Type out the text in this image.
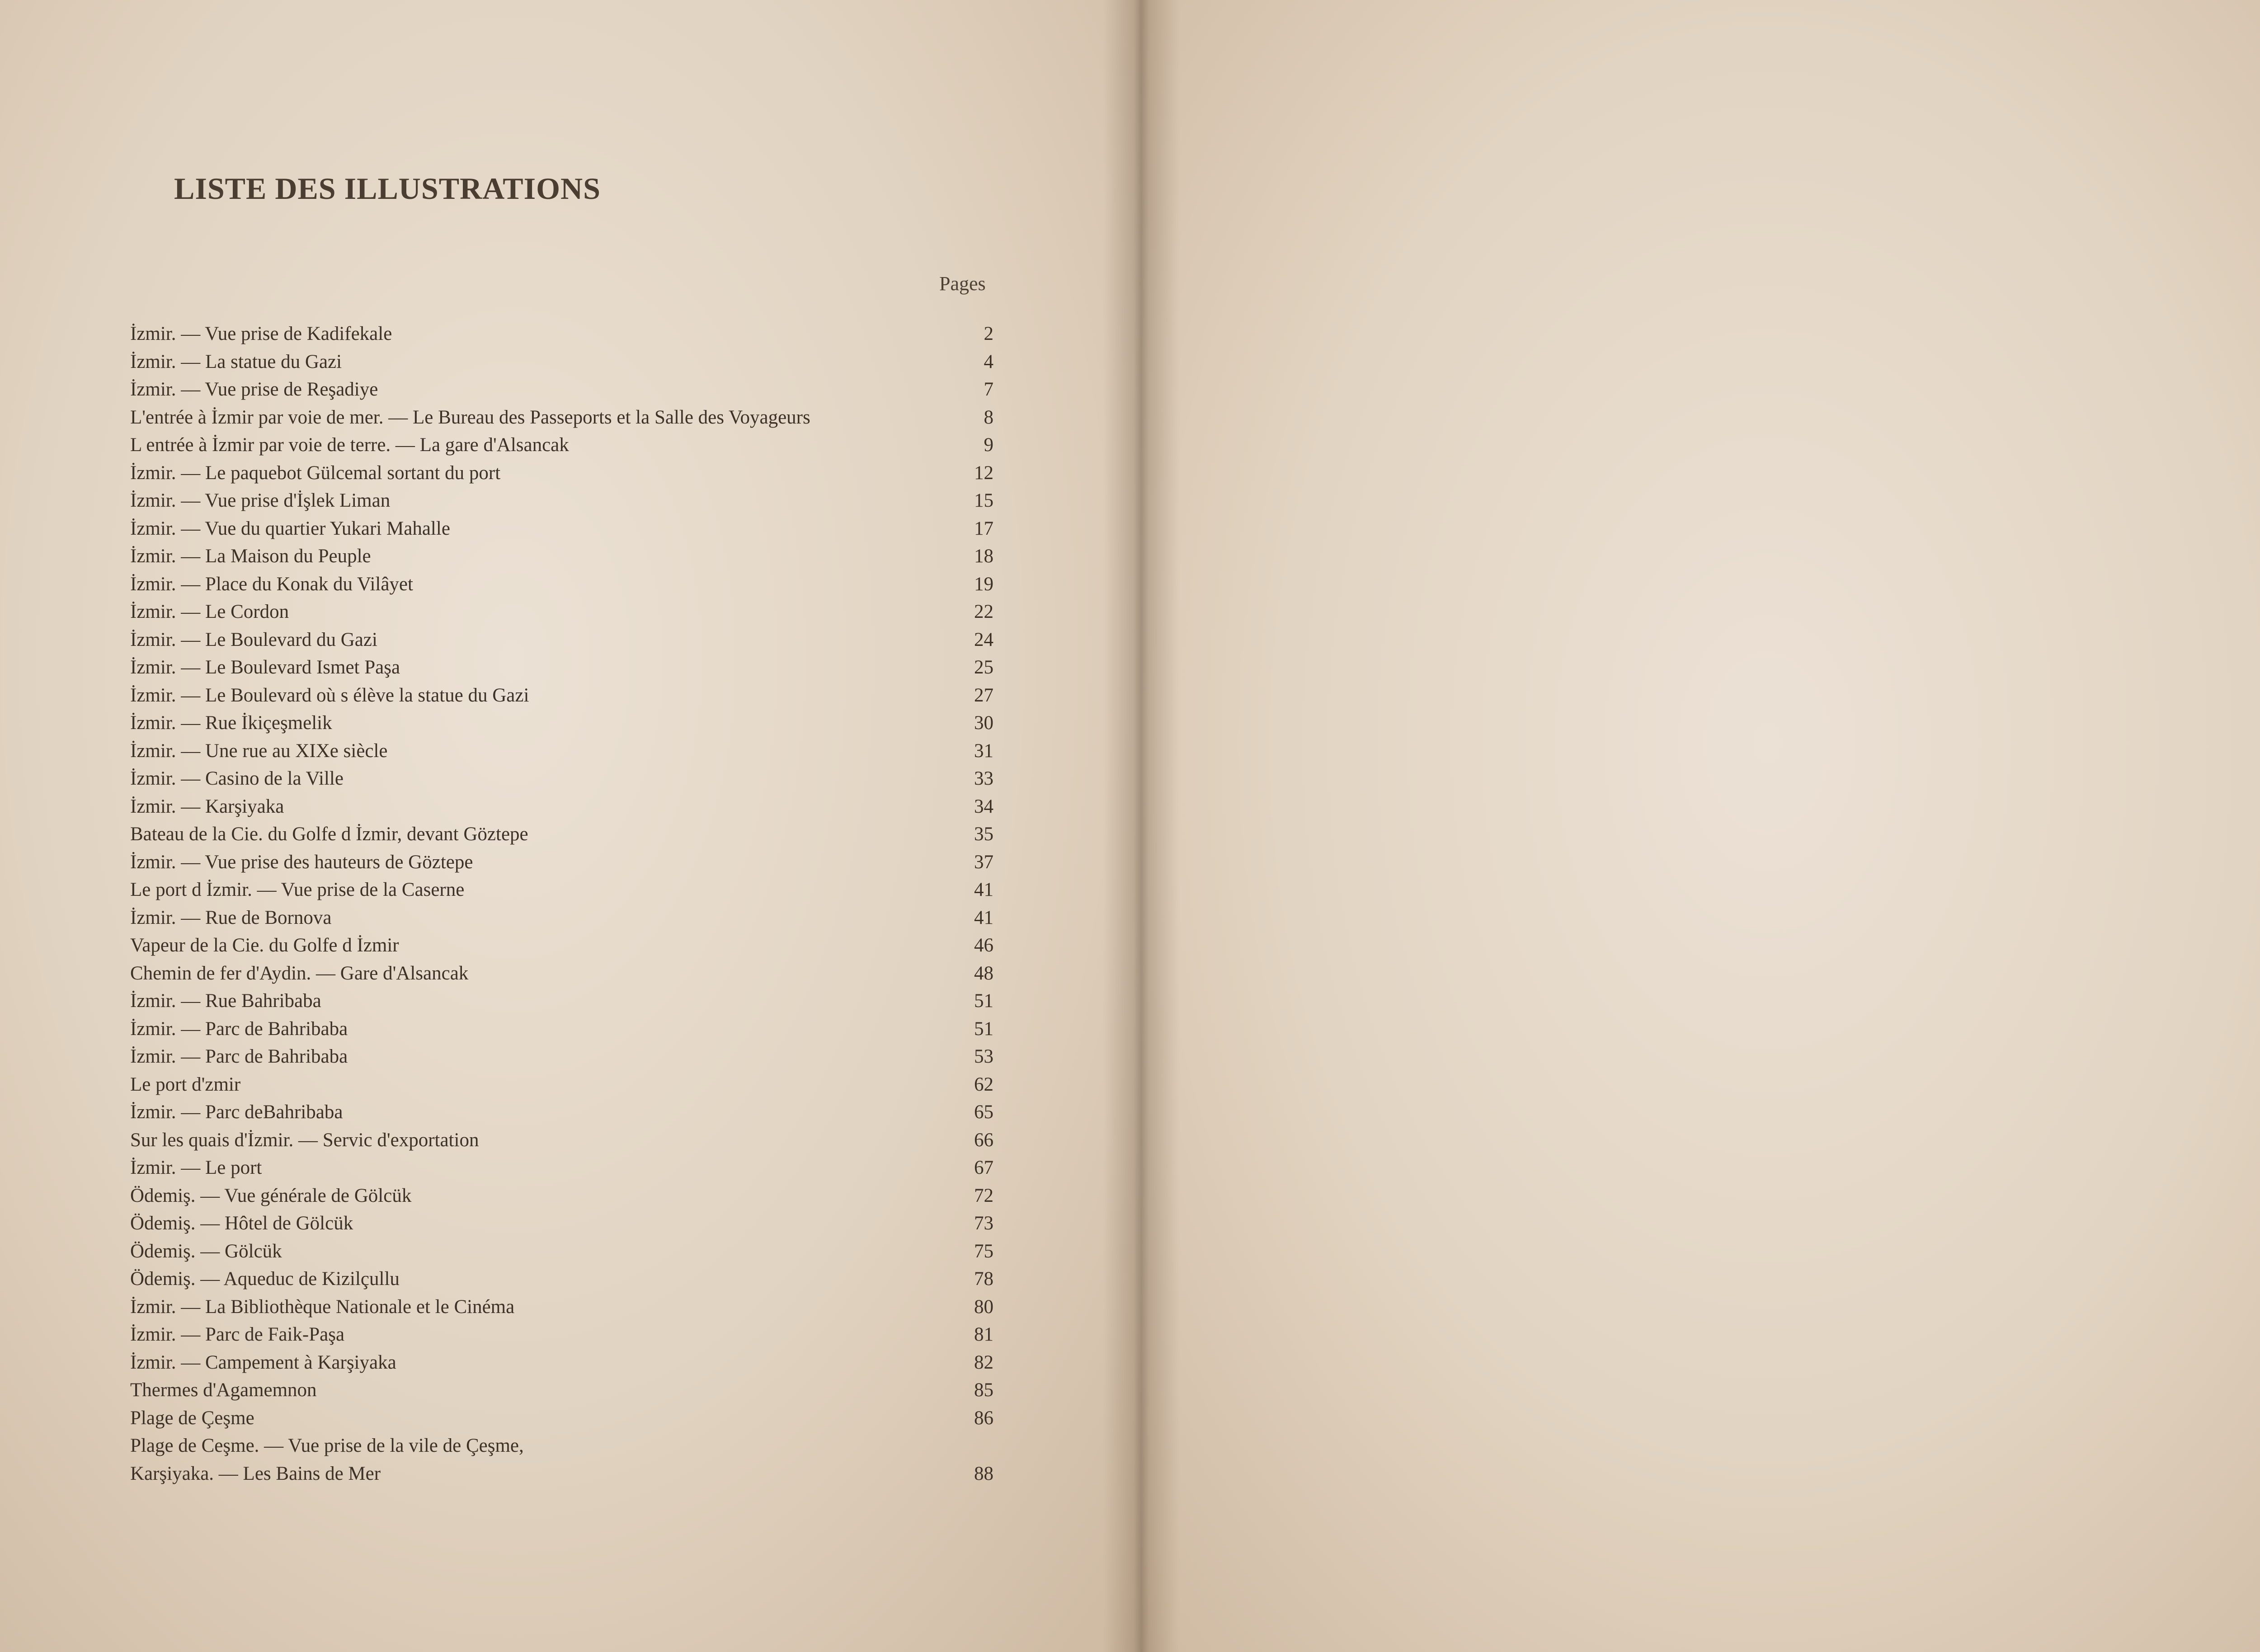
LISTE DES ILLUSTRATIONS
Pages
İzmir. — Vue prise de Kadifekale	2
İzmir. — La statue du Gazi	4
İzmir. — Vue prise de Reşadiye	7
L'entrée à İzmir par voie de mer. — Le Bureau des Passeports et la Salle des Voyageurs	8
L entrée à İzmir par voie de terre. — La gare d'Alsancak	9
İzmir. — Le paquebot Gülcemal sortant du port	12
İzmir. — Vue prise d'İşlek Liman	15
İzmir. — Vue du quartier Yukari Mahalle	17
İzmir. — La Maison du Peuple	18
İzmir. — Place du Konak du Vilâyet	19
İzmir. — Le Cordon	22
İzmir. — Le Boulevard du Gazi	24
İzmir. — Le Boulevard Ismet Paşa	25
İzmir. — Le Boulevard où s élève la statue du Gazi	27
İzmir. — Rue İkiçeşmelik	30
İzmir. — Une rue au XIXe siècle	31
İzmir. — Casino de la Ville	33
İzmir. — Karşiyaka	34
Bateau de la Cie. du Golfe d İzmir, devant Göztepe	35
İzmir. — Vue prise des hauteurs de Göztepe	37
Le port d İzmir. — Vue prise de la Caserne	41
İzmir. — Rue de Bornova	41
Vapeur de la Cie. du Golfe d İzmir	46
Chemin de fer d'Aydin. — Gare d'Alsancak	48
İzmir. — Rue Bahribaba	51
İzmir. — Parc de Bahribaba	51
İzmir. — Parc de Bahribaba	53
Le port d'zmir	62
İzmir. — Parc deBahribaba	65
Sur les quais d'İzmir. — Servic d'exportation	66
İzmir. — Le port	67
Ödemiş. — Vue générale de Gölcük	72
Ödemiş. — Hôtel de Gölcük	73
Ödemiş. — Gölcük	75
Ödemiş. — Aqueduc de Kizilçullu	78
İzmir. — La Bibliothèque Nationale et le Cinéma	80
İzmir. — Parc de Faik-Paşa	81
İzmir. — Campement à Karşiyaka	82
Thermes d'Agamemnon	85
Plage de Çeşme	86
Plage de Ceşme. — Vue prise de la vile de Çeşme,
Karşiyaka. — Les Bains de Mer	88
